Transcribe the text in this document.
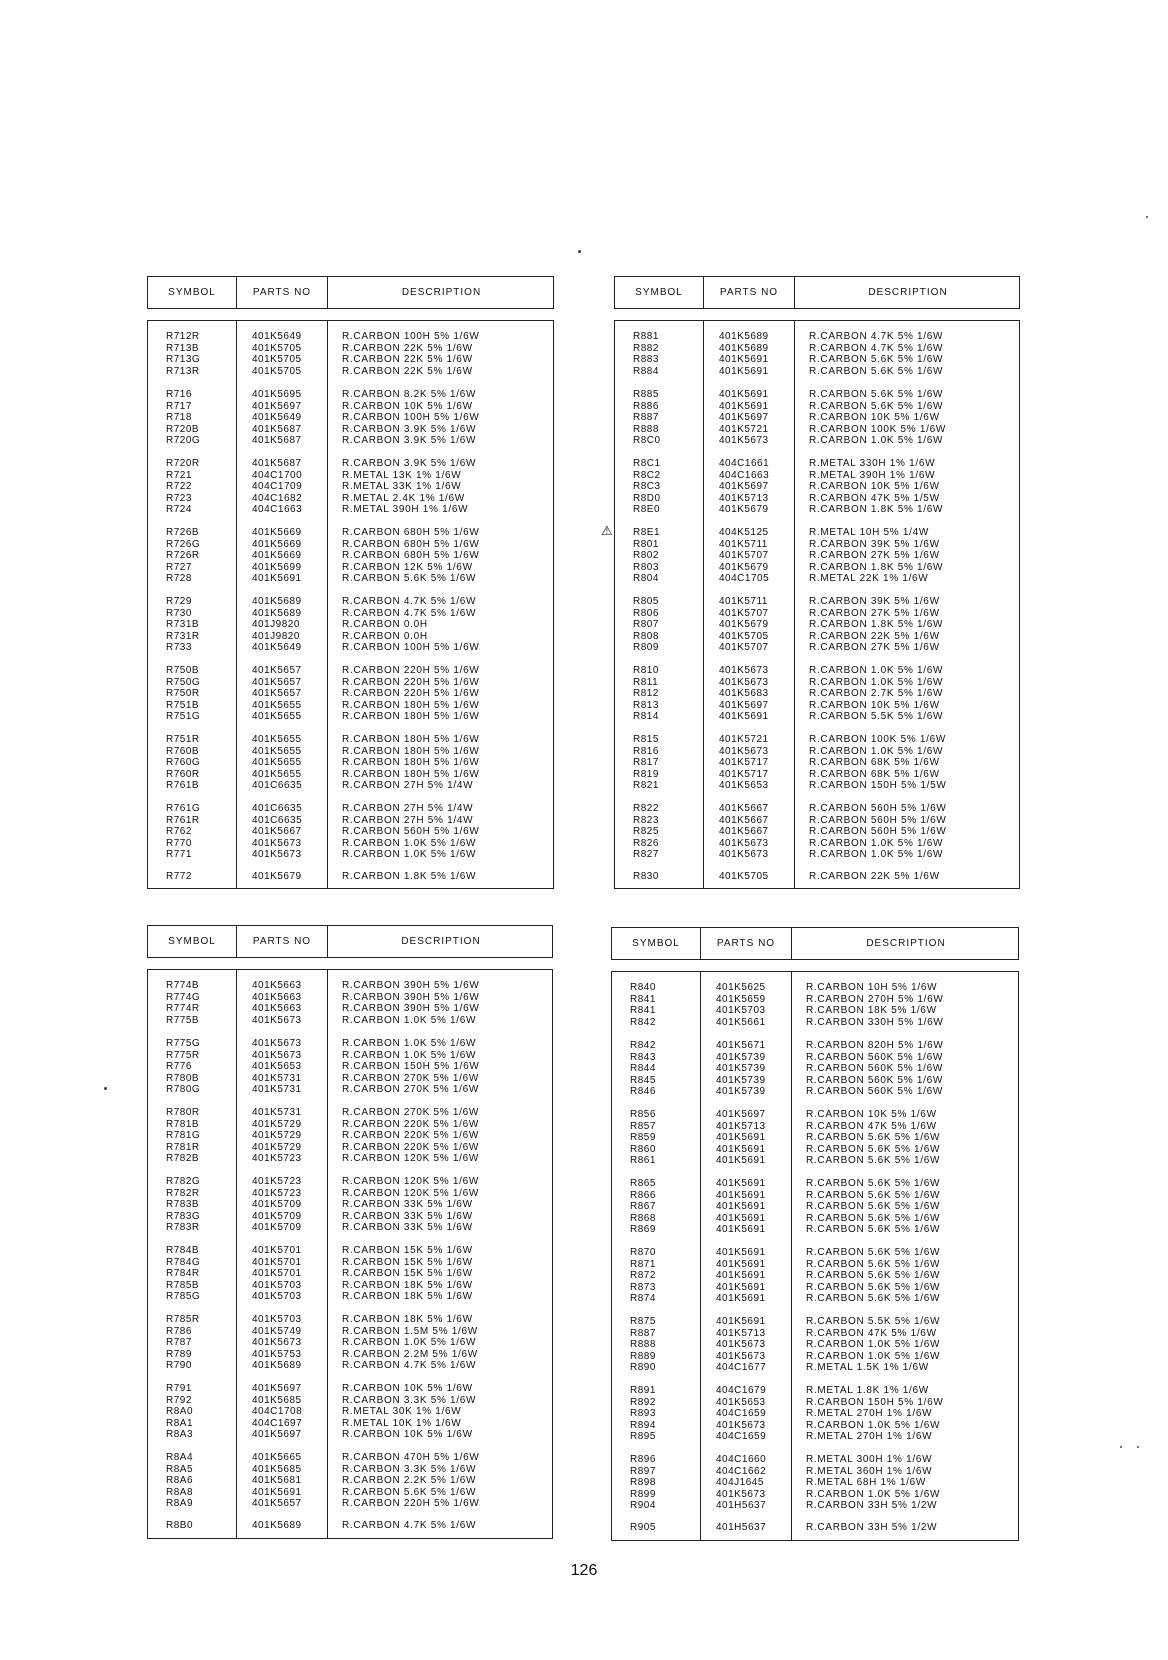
SYMBOL	PARTS NO	DESCRIPTION
R712R	401K5649	R.CARBON 100H 5% 1/6W
R713B	401K5705	R.CARBON 22K 5% 1/6W
R713G	401K5705	R.CARBON 22K 5% 1/6W
R713R	401K5705	R.CARBON 22K 5% 1/6W
R716	401K5695	R.CARBON 8.2K 5% 1/6W
R717	401K5697	R.CARBON 10K 5% 1/6W
R718	401K5649	R.CARBON 100H 5% 1/6W
R720B	401K5687	R.CARBON 3.9K 5% 1/6W
R720G	401K5687	R.CARBON 3.9K 5% 1/6W
R720R	401K5687	R.CARBON 3.9K 5% 1/6W
R721	404C1700	R.METAL 13K 1% 1/6W
R722	404C1709	R.METAL 33K 1% 1/6W
R723	404C1682	R.METAL 2.4K 1% 1/6W
R724	404C1663	R.METAL 390H 1% 1/6W
R726B	401K5669	R.CARBON 680H 5% 1/6W
R726G	401K5669	R.CARBON 680H 5% 1/6W
R726R	401K5669	R.CARBON 680H 5% 1/6W
R727	401K5699	R.CARBON 12K 5% 1/6W
R728	401K5691	R.CARBON 5.6K 5% 1/6W
R729	401K5689	R.CARBON 4.7K 5% 1/6W
R730	401K5689	R.CARBON 4.7K 5% 1/6W
R731B	401J9820	R.CARBON 0.0H
R731R	401J9820	R.CARBON 0.0H
R733	401K5649	R.CARBON 100H 5% 1/6W
R750B	401K5657	R.CARBON 220H 5% 1/6W
R750G	401K5657	R.CARBON 220H 5% 1/6W
R750R	401K5657	R.CARBON 220H 5% 1/6W
R751B	401K5655	R.CARBON 180H 5% 1/6W
R751G	401K5655	R.CARBON 180H 5% 1/6W
R751R	401K5655	R.CARBON 180H 5% 1/6W
R760B	401K5655	R.CARBON 180H 5% 1/6W
R760G	401K5655	R.CARBON 180H 5% 1/6W
R760R	401K5655	R.CARBON 180H 5% 1/6W
R761B	401C6635	R.CARBON 27H 5% 1/4W
R761G	401C6635	R.CARBON 27H 5% 1/4W
R761R	401C6635	R.CARBON 27H 5% 1/4W
R762	401K5667	R.CARBON 560H 5% 1/6W
R770	401K5673	R.CARBON 1.0K 5% 1/6W
R771	401K5673	R.CARBON 1.0K 5% 1/6W
R772	401K5679	R.CARBON 1.8K 5% 1/6W
SYMBOL	PARTS NO	DESCRIPTION
R881	401K5689	R.CARBON 4.7K 5% 1/6W
R882	401K5689	R.CARBON 4.7K 5% 1/6W
R883	401K5691	R.CARBON 5.6K 5% 1/6W
R884	401K5691	R.CARBON 5.6K 5% 1/6W
R885	401K5691	R.CARBON 5.6K 5% 1/6W
R886	401K5691	R.CARBON 5.6K 5% 1/6W
R887	401K5697	R.CARBON 10K 5% 1/6W
R888	401K5721	R.CARBON 100K 5% 1/6W
R8C0	401K5673	R.CARBON 1.0K 5% 1/6W
R8C1	404C1661	R.METAL 330H 1% 1/6W
R8C2	404C1663	R.METAL 390H 1% 1/6W
R8C3	401K5697	R.CARBON 10K 5% 1/6W
R8D0	401K5713	R.CARBON 47K 5% 1/5W
R8E0	401K5679	R.CARBON 1.8K 5% 1/6W
R8E1	404K5125	R.METAL 10H 5% 1/4W
⚠
R801	401K5711	R.CARBON 39K 5% 1/6W
R802	401K5707	R.CARBON 27K 5% 1/6W
R803	401K5679	R.CARBON 1.8K 5% 1/6W
R804	404C1705	R.METAL 22K 1% 1/6W
R805	401K5711	R.CARBON 39K 5% 1/6W
R806	401K5707	R.CARBON 27K 5% 1/6W
R807	401K5679	R.CARBON 1.8K 5% 1/6W
R808	401K5705	R.CARBON 22K 5% 1/6W
R809	401K5707	R.CARBON 27K 5% 1/6W
R810	401K5673	R.CARBON 1.0K 5% 1/6W
R811	401K5673	R.CARBON 1.0K 5% 1/6W
R812	401K5683	R.CARBON 2.7K 5% 1/6W
R813	401K5697	R.CARBON 10K 5% 1/6W
R814	401K5691	R.CARBON 5.5K 5% 1/6W
R815	401K5721	R.CARBON 100K 5% 1/6W
R816	401K5673	R.CARBON 1.0K 5% 1/6W
R817	401K5717	R.CARBON 68K 5% 1/6W
R819	401K5717	R.CARBON 68K 5% 1/6W
R821	401K5653	R.CARBON 150H 5% 1/5W
R822	401K5667	R.CARBON 560H 5% 1/6W
R823	401K5667	R.CARBON 560H 5% 1/6W
R825	401K5667	R.CARBON 560H 5% 1/6W
R826	401K5673	R.CARBON 1.0K 5% 1/6W
R827	401K5673	R.CARBON 1.0K 5% 1/6W
R830	401K5705	R.CARBON 22K 5% 1/6W
SYMBOL	PARTS NO	DESCRIPTION
R774B	401K5663	R.CARBON 390H 5% 1/6W
R774G	401K5663	R.CARBON 390H 5% 1/6W
R774R	401K5663	R.CARBON 390H 5% 1/6W
R775B	401K5673	R.CARBON 1.0K 5% 1/6W
R775G	401K5673	R.CARBON 1.0K 5% 1/6W
R775R	401K5673	R.CARBON 1.0K 5% 1/6W
R776	401K5653	R.CARBON 150H 5% 1/6W
R780B	401K5731	R.CARBON 270K 5% 1/6W
R780G	401K5731	R.CARBON 270K 5% 1/6W
R780R	401K5731	R.CARBON 270K 5% 1/6W
R781B	401K5729	R.CARBON 220K 5% 1/6W
R781G	401K5729	R.CARBON 220K 5% 1/6W
R781R	401K5729	R.CARBON 220K 5% 1/6W
R782B	401K5723	R.CARBON 120K 5% 1/6W
R782G	401K5723	R.CARBON 120K 5% 1/6W
R782R	401K5723	R.CARBON 120K 5% 1/6W
R783B	401K5709	R.CARBON 33K 5% 1/6W
R783G	401K5709	R.CARBON 33K 5% 1/6W
R783R	401K5709	R.CARBON 33K 5% 1/6W
R784B	401K5701	R.CARBON 15K 5% 1/6W
R784G	401K5701	R.CARBON 15K 5% 1/6W
R784R	401K5701	R.CARBON 15K 5% 1/6W
R785B	401K5703	R.CARBON 18K 5% 1/6W
R785G	401K5703	R.CARBON 18K 5% 1/6W
R785R	401K5703	R.CARBON 18K 5% 1/6W
R786	401K5749	R.CARBON 1.5M 5% 1/6W
R787	401K5673	R.CARBON 1.0K 5% 1/6W
R789	401K5753	R.CARBON 2.2M 5% 1/6W
R790	401K5689	R.CARBON 4.7K 5% 1/6W
R791	401K5697	R.CARBON 10K 5% 1/6W
R792	401K5685	R.CARBON 3.3K 5% 1/6W
R8A0	404C1708	R.METAL 30K 1% 1/6W
R8A1	404C1697	R.METAL 10K 1% 1/6W
R8A3	401K5697	R.CARBON 10K 5% 1/6W
R8A4	401K5665	R.CARBON 470H 5% 1/6W
R8A5	401K5685	R.CARBON 3.3K 5% 1/6W
R8A6	401K5681	R.CARBON 2.2K 5% 1/6W
R8A8	401K5691	R.CARBON 5.6K 5% 1/6W
R8A9	401K5657	R.CARBON 220H 5% 1/6W
R8B0	401K5689	R.CARBON 4.7K 5% 1/6W
SYMBOL	PARTS NO	DESCRIPTION
R840	401K5625	R.CARBON 10H 5% 1/6W
R841	401K5659	R.CARBON 270H 5% 1/6W
R841	401K5703	R.CARBON 18K 5% 1/6W
R842	401K5661	R.CARBON 330H 5% 1/6W
R842	401K5671	R.CARBON 820H 5% 1/6W
R843	401K5739	R.CARBON 560K 5% 1/6W
R844	401K5739	R.CARBON 560K 5% 1/6W
R845	401K5739	R.CARBON 560K 5% 1/6W
R846	401K5739	R.CARBON 560K 5% 1/6W
R856	401K5697	R.CARBON 10K 5% 1/6W
R857	401K5713	R.CARBON 47K 5% 1/6W
R859	401K5691	R.CARBON 5.6K 5% 1/6W
R860	401K5691	R.CARBON 5.6K 5% 1/6W
R861	401K5691	R.CARBON 5.6K 5% 1/6W
R865	401K5691	R.CARBON 5.6K 5% 1/6W
R866	401K5691	R.CARBON 5.6K 5% 1/6W
R867	401K5691	R.CARBON 5.6K 5% 1/6W
R868	401K5691	R.CARBON 5.6K 5% 1/6W
R869	401K5691	R.CARBON 5.6K 5% 1/6W
R870	401K5691	R.CARBON 5.6K 5% 1/6W
R871	401K5691	R.CARBON 5.6K 5% 1/6W
R872	401K5691	R.CARBON 5.6K 5% 1/6W
R873	401K5691	R.CARBON 5.6K 5% 1/6W
R874	401K5691	R.CARBON 5.6K 5% 1/6W
R875	401K5691	R.CARBON 5.5K 5% 1/6W
R887	401K5713	R.CARBON 47K 5% 1/6W
R888	401K5673	R.CARBON 1.0K 5% 1/6W
R889	401K5673	R.CARBON 1.0K 5% 1/6W
R890	404C1677	R.METAL 1.5K 1% 1/6W
R891	404C1679	R.METAL 1.8K 1% 1/6W
R892	401K5653	R.CARBON 150H 5% 1/6W
R893	404C1659	R.METAL 270H 1% 1/6W
R894	401K5673	R.CARBON 1.0K 5% 1/6W
R895	404C1659	R.METAL 270H 1% 1/6W
R896	404C1660	R.METAL 300H 1% 1/6W
R897	404C1662	R.METAL 360H 1% 1/6W
R898	404J1645	R.METAL 68H 1% 1/6W
R899	401K5673	R.CARBON 1.0K 5% 1/6W
R904	401H5637	R.CARBON 33H 5% 1/2W
R905	401H5637	R.CARBON 33H 5% 1/2W
126
